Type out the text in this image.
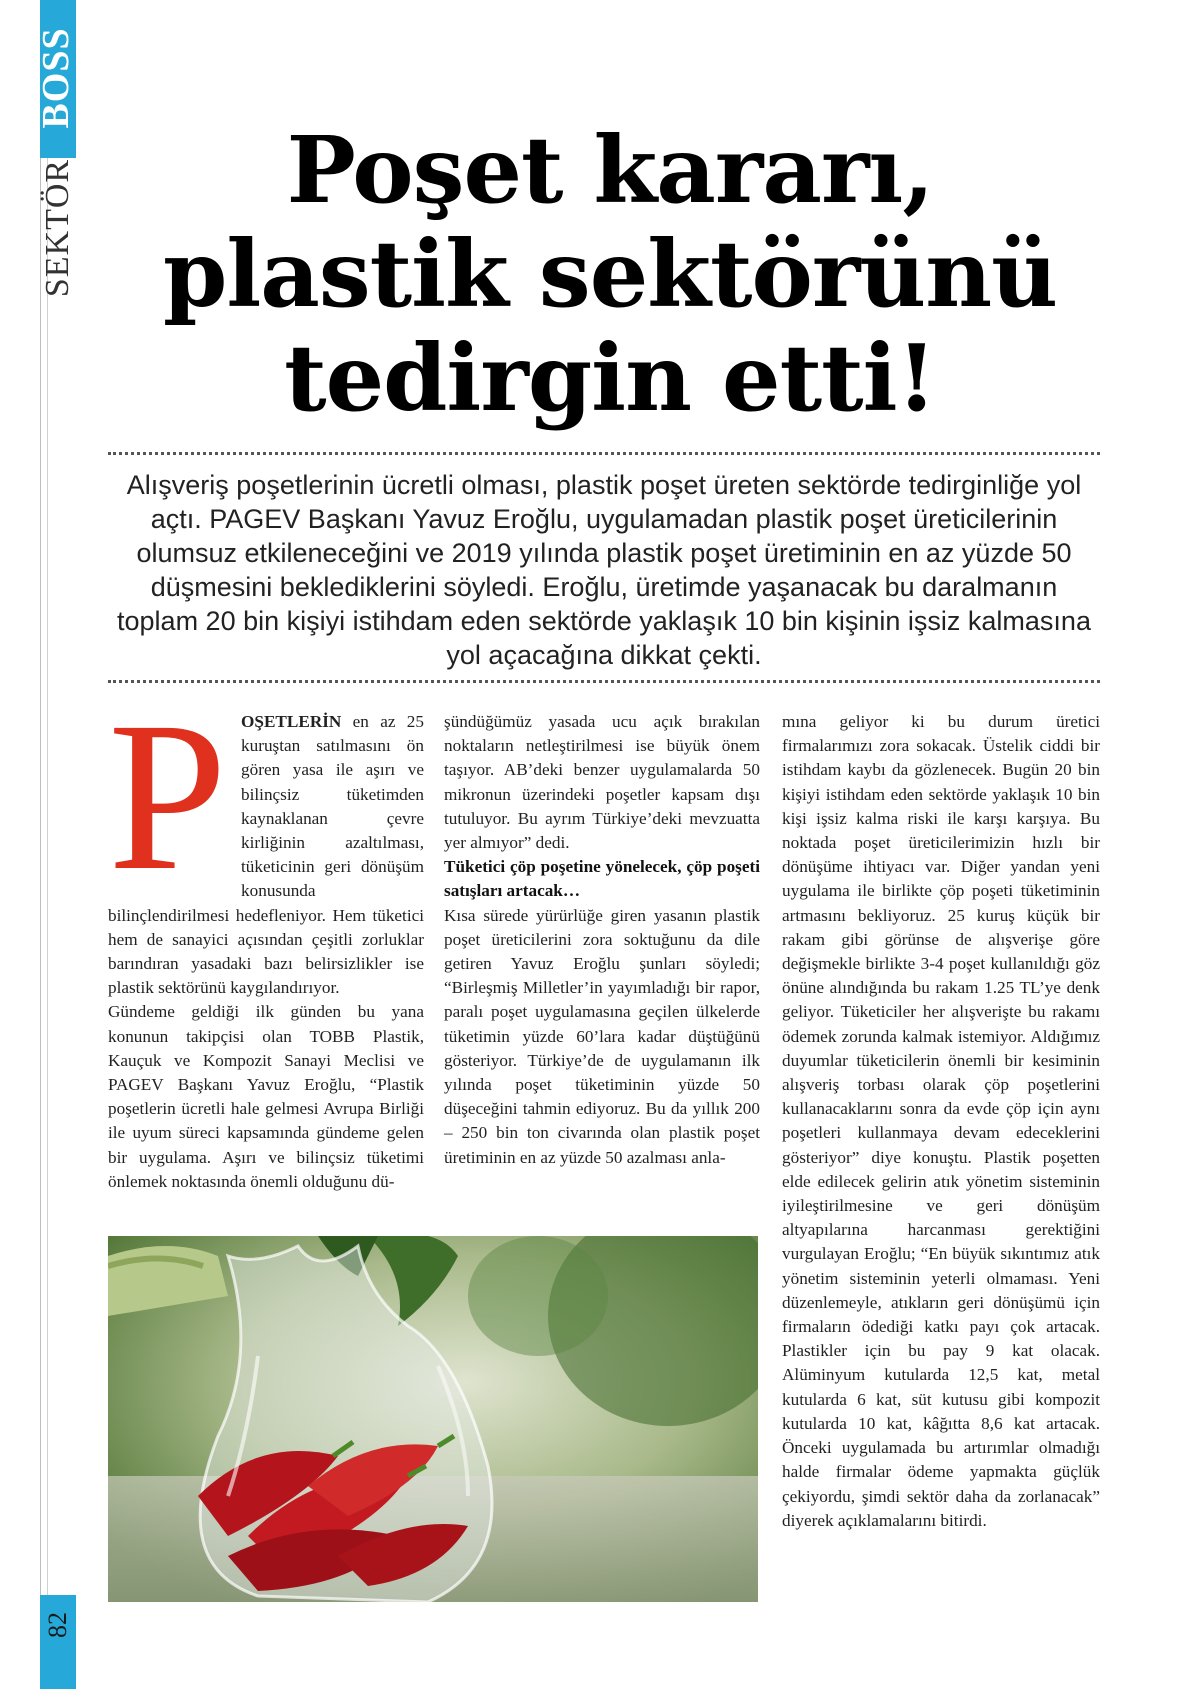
BOSS
SEKTÖR
82
Poşet kararı,
plastik sektörünü
tedirgin etti!
Alışveriş poşetlerinin ücretli olması, plastik poşet üreten sektörde tedirginliğe yol açtı. PAGEV Başkanı Yavuz Eroğlu, uygulamadan plastik poşet üreticilerinin olumsuz etkileneceğini ve 2019 yılında plastik poşet üretiminin en az yüzde 50 düşmesini beklediklerini söyledi. Eroğlu, üretimde yaşanacak bu daralmanın toplam 20 bin kişiyi istihdam eden sektörde yaklaşık 10 bin kişinin işsiz kalmasına yol açacağına dikkat çekti.
P OŞETLERİN en az 25 kuruştan satılmasını ön gören yasa ile aşırı ve bilinçsiz tüketimden kaynaklanan çevre kirliğinin azaltılması, tüketicinin geri dönüşüm konusunda bilinçlendirilmesi hedefleniyor. Hem tüketici hem de sanayici açısından çeşitli zorluklar barındıran yasadaki bazı belirsizlikler ise plastik sektörünü kaygılandırıyor.

Gündeme geldiği ilk günden bu yana konunun takipçisi olan TOBB Plastik, Kauçuk ve Kompozit Sanayi Meclisi ve PAGEV Başkanı Yavuz Eroğlu, “Plastik poşetlerin ücretli hale gelmesi Avrupa Birliği ile uyum süreci kapsamında gündeme gelen bir uygulama. Aşırı ve bilinçsiz tüketimi önlemek noktasında önemli olduğunu dü-

şündüğümüz yasada ucu açık bırakılan noktaların netleştirilmesi ise büyük önem taşıyor. AB’deki benzer uygulamalarda 50 mikronun üzerindeki poşetler kapsam dışı tutuluyor. Bu ayrım Türkiye’deki mevzuatta yer almıyor” dedi.

Tüketici çöp poşetine yönelecek, çöp poşeti satışları artacak…

Kısa sürede yürürlüğe giren yasanın plastik poşet üreticilerini zora soktuğunu da dile getiren Yavuz Eroğlu şunları söyledi; “Birleşmiş Milletler’in yayımladığı bir rapor, paralı poşet uygulamasına geçilen ülkelerde tüketimin yüzde 60’lara kadar düştüğünü gösteriyor. Türkiye’de de uygulamanın ilk yılında poşet tüketiminin yüzde 50 düşeceğini tahmin ediyoruz. Bu da yıllık 200 – 250 bin ton civarında olan plastik poşet üretiminin en az yüzde 50 azalması anla-

mına geliyor ki bu durum üretici firmalarımızı zora sokacak. Üstelik ciddi bir istihdam kaybı da gözlenecek. Bugün 20 bin kişiyi istihdam eden sektörde yaklaşık 10 bin kişi işsiz kalma riski ile karşı karşıya. Bu noktada poşet üreticilerimizin hızlı bir dönüşüme ihtiyacı var. Diğer yandan yeni uygulama ile birlikte çöp poşeti tüketiminin artmasını bekliyoruz. 25 kuruş küçük bir rakam gibi görünse de alışverişe göre değişmekle birlikte 3-4 poşet kullanıldığı göz önüne alındığında bu rakam 1.25 TL’ye denk geliyor. Tüketiciler her alışverişte bu rakamı ödemek zorunda kalmak istemiyor. Aldığımız duyumlar tüketicilerin önemli bir kesiminin alışveriş torbası olarak çöp poşetlerini kullanacaklarını sonra da evde çöp için aynı poşetleri kullanmaya devam edeceklerini gösteriyor” diye konuştu. Plastik poşetten elde edilecek gelirin atık yönetim sisteminin iyileştirilmesine ve geri dönüşüm altyapılarına harcanması gerektiğini vurgulayan Eroğlu; “En büyük sıkıntımız atık yönetim sisteminin yeterli olmaması. Yeni düzenlemeyle, atıkların geri dönüşümü için firmaların ödediği katkı payı çok artacak. Plastikler için bu pay 9 kat olacak. Alüminyum kutularda 12,5 kat, metal kutularda 6 kat, süt kutusu gibi kompozit kutularda 10 kat, kâğıtta 8,6 kat artacak. Önceki uygulamada bu artırımlar olmadığı halde firmalar ödeme yapmakta güçlük çekiyordu, şimdi sektör daha da zorlanacak” diyerek açıklamalarını bitirdi.
